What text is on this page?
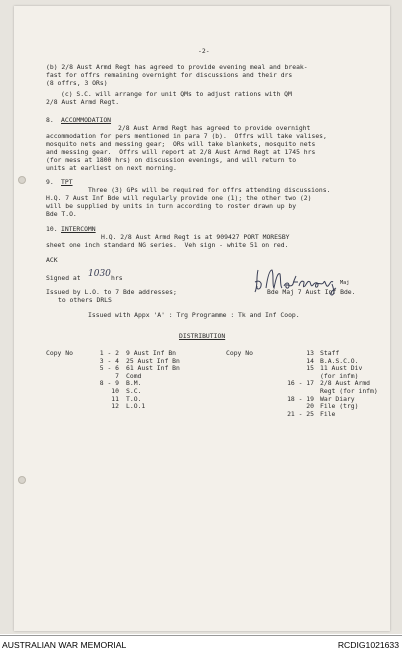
-2-

(b) 2/8 Aust Armd Regt has agreed to provide evening meal and break-

fast for offrs remaining overnight for discussions and their drs

(8 offrs, 3 ORs)

(c) S.C. will arrange for unit QMs to adjust rations with QM

2/8 Aust Armd Regt.

8.

ACCOMMODATION

2/8 Aust Armd Regt has agreed to provide overnight

accommodation for pers mentioned in para 7 (b).  Offrs will take valises,

mosquito nets and messing gear;  ORs will take blankets, mosquito nets

and messing gear.  Offrs will report at 2/8 Aust Armd Regt at 1745 hrs

(for mess at 1800 hrs) on discussion evenings, and will return to

units at earliest on next morning.

9.

TPT

Three (3) GPs will be required for offrs attending discussions.

H.Q. 7 Aust Inf Bde will regularly provide one (1); the other two (2)

will be supplied by units in turn according to roster drawn up by

Bde T.O.

10.

INTERCOMN

H.Q. 2/8 Aust Armd Regt is at 909427 PORT MORESBY

sheet one inch standard NG series.  Veh sign - white 51 on red.

ACK

Signed at

1030

hrs

Issued by L.O. to 7 Bde addresses;

to others DRLS

Bde Maj 7 Aust Inf Bde.

Maj

Issued with Appx 'A' : Trg Programme : Tk and Inf Coop.

DISTRIBUTION

Copy No

	Copy No

1 - 2 9 Aust Inf Bn
3 - 4 25 Aust Inf Bn
5 - 6 61 Aust Inf Bn
7 Comd
8 - 9 B.M.
10 S.C.
11 T.O.
12 L.O.1

13 Staff
14 B.A.S.C.O.
15 11 Aust Div
(for infm)
16 - 17 2/8 Aust Armd
Regt (for infm)
18 - 19 War Diary
20 File (trg)
21 - 25 File

AUSTRALIAN WAR MEMORIAL	RCDIG1021633
